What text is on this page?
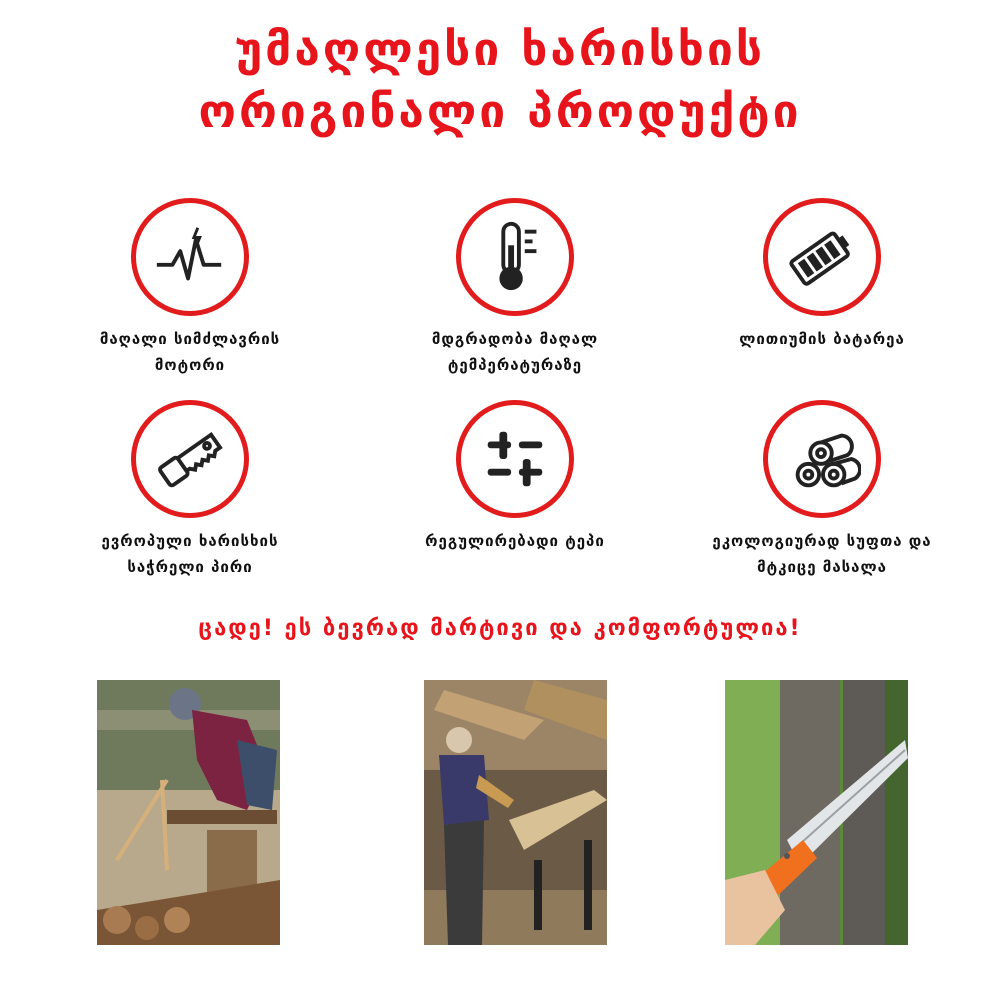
უმაღლესი ხარისხის
ორიგინალი პროდუქტი
მაღალი სიმძლავრის
მოტორი
მდგრადობა მაღალ
ტემპერატურაზე
ლითიუმის ბატარეა
ევროპული ხარისხის
საჭრელი პირი
რეგულირებადი ტეპი	ეკოლოგიურად სუფთა და
მტკიცე მასალა
ცადე! ეს ბევრად მარტივი და კომფორტულია!
